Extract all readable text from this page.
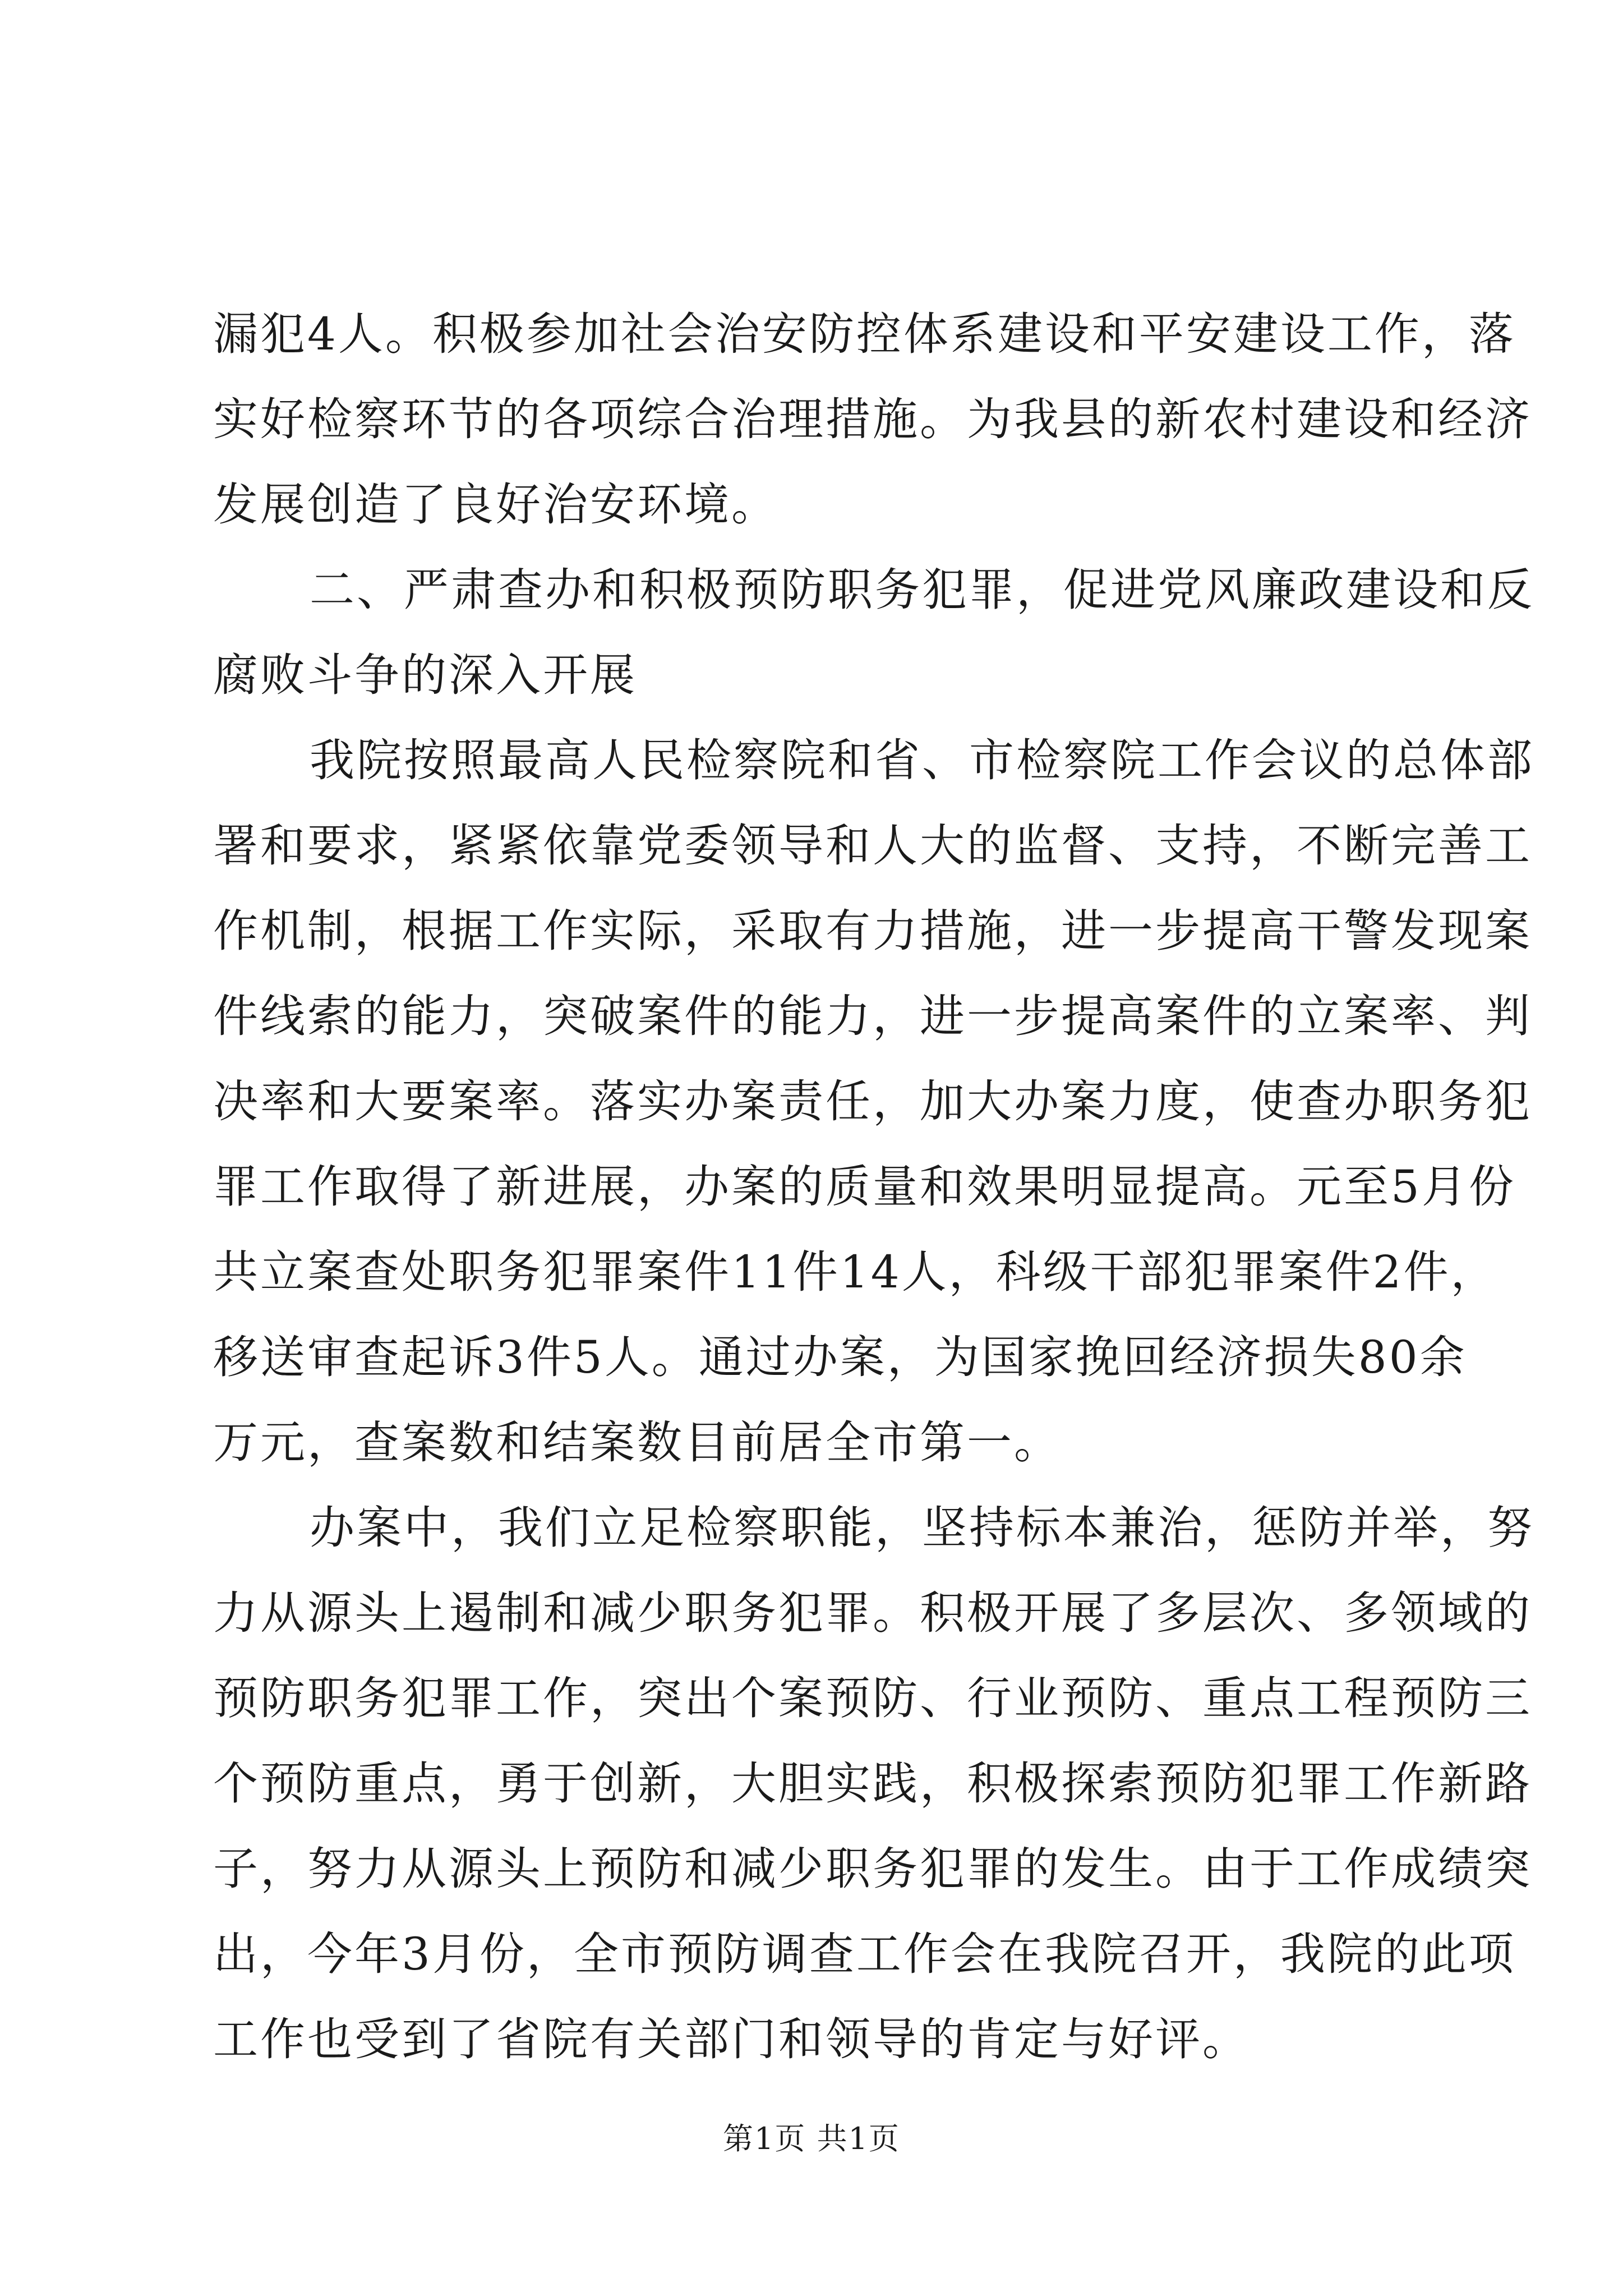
漏犯4人。积极参加社会治安防控体系建设和平安建设工作，落
实好检察环节的各项综合治理措施。为我县的新农村建设和经济
发展创造了良好治安环境。
二、严肃查办和积极预防职务犯罪，促进党风廉政建设和反
腐败斗争的深入开展
我院按照最高人民检察院和省、市检察院工作会议的总体部
署和要求，紧紧依靠党委领导和人大的监督、支持，不断完善工
作机制，根据工作实际，采取有力措施，进一步提高干警发现案
件线索的能力，突破案件的能力，进一步提高案件的立案率、判
决率和大要案率。落实办案责任，加大办案力度，使查办职务犯
罪工作取得了新进展，办案的质量和效果明显提高。元至5月份
共立案查处职务犯罪案件11件14人，科级干部犯罪案件2件，
移送审查起诉3件5人。通过办案，为国家挽回经济损失80余
万元，查案数和结案数目前居全市第一。
办案中，我们立足检察职能，坚持标本兼治，惩防并举，努
力从源头上遏制和减少职务犯罪。积极开展了多层次、多领域的
预防职务犯罪工作，突出个案预防、行业预防、重点工程预防三
个预防重点，勇于创新，大胆实践，积极探索预防犯罪工作新路
子，努力从源头上预防和减少职务犯罪的发生。由于工作成绩突
出，今年3月份，全市预防调查工作会在我院召开，我院的此项
工作也受到了省院有关部门和领导的肯定与好评。
第1页 共1页
